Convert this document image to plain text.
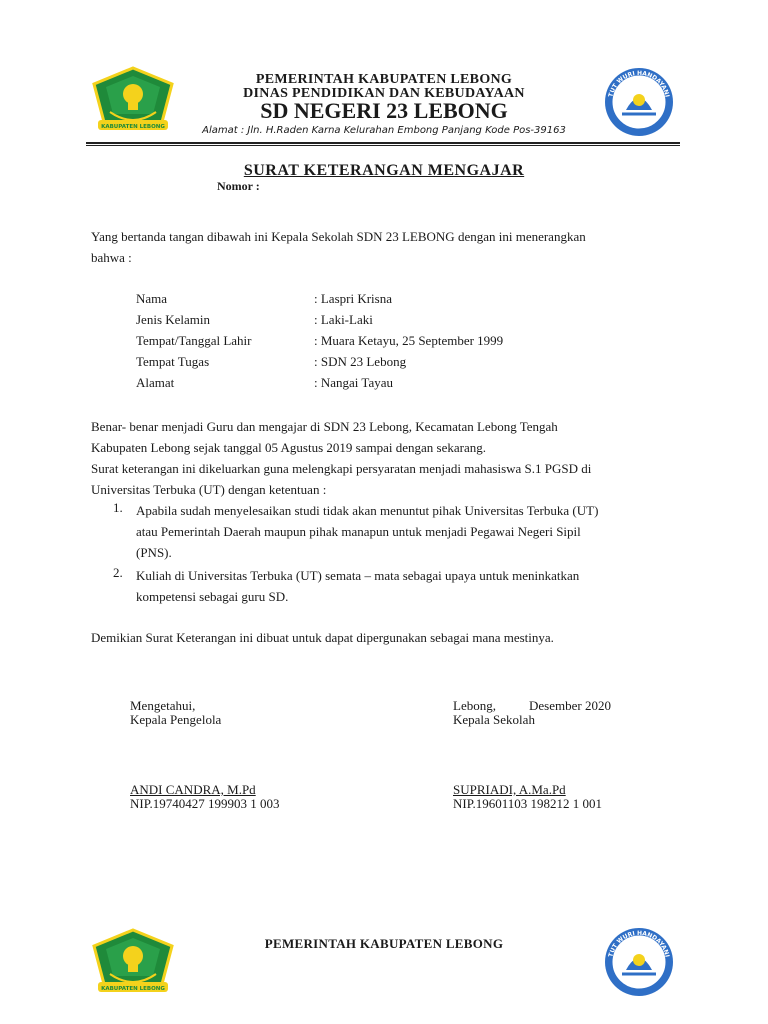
KABUPATEN LEBONG
PEMERINTAH KABUPATEN LEBONG
DINAS PENDIDIKAN DAN KEBUDAYAAN
SD NEGERI 23 LEBONG
Alamat : Jln. H.Raden Karna Kelurahan Embong Panjang Kode Pos-39163
TUT WURI HANDAYANI
SURAT KETERANGAN MENGAJAR
Nomor :
Yang bertanda tangan dibawah ini Kepala Sekolah SDN 23 LEBONG dengan ini menerangkan
bahwa :
Nama	: Laspri Krisna
Jenis Kelamin	: Laki-Laki
Tempat/Tanggal Lahir	: Muara Ketayu, 25 September 1999
Tempat Tugas	: SDN 23 Lebong
Alamat	: Nangai Tayau
Benar- benar menjadi Guru dan mengajar di SDN 23 Lebong, Kecamatan Lebong Tengah
Kabupaten Lebong sejak tanggal 05 Agustus 2019 sampai dengan sekarang.
Surat keterangan ini dikeluarkan guna melengkapi persyaratan menjadi mahasiswa S.1 PGSD di
Universitas Terbuka (UT) dengan ketentuan :
1. Apabila sudah menyelesaikan studi tidak akan menuntut pihak Universitas Terbuka (UT)
atau Pemerintah Daerah maupun pihak manapun untuk menjadi Pegawai Negeri Sipil
(PNS).
2. Kuliah di Universitas Terbuka (UT) semata – mata sebagai upaya untuk meninkatkan
kompetensi sebagai guru SD.
Demikian Surat Keterangan ini dibuat untuk dapat dipergunakan sebagai mana mestinya.
Mengetahui,
Kepala Pengelola
ANDI CANDRA, M.Pd
NIP.19740427 199903 1 003
Lebong,	Desember 2020
Kepala Sekolah
SUPRIADI, A.Ma.Pd
NIP.19601103 198212 1 001
KABUPATEN LEBONG
PEMERINTAH KABUPATEN LEBONG
TUT WURI HANDAYANI
